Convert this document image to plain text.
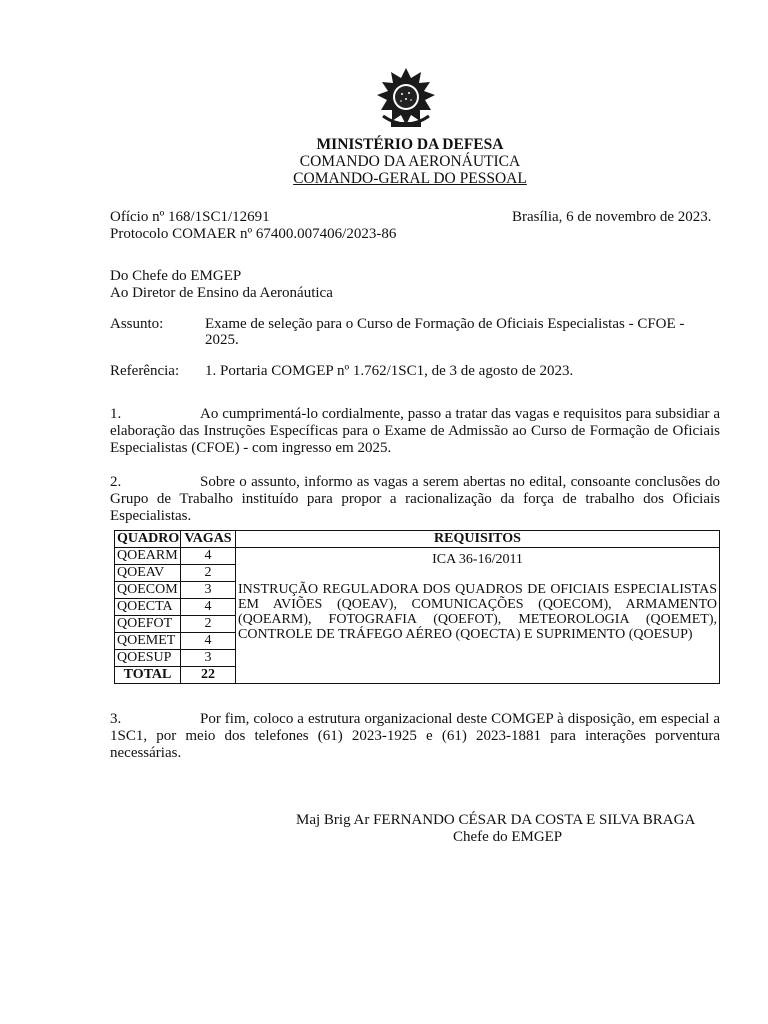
MINISTÉRIO DA DEFESA
COMANDO DA AERONÁUTICA
COMANDO-GERAL DO PESSOAL
Ofício nº 168/1SC1/12691
Protocolo COMAER nº 67400.007406/2023-86
Brasília, 6 de novembro de 2023.
Do Chefe do EMGEP
Ao Diretor de Ensino da Aeronáutica
Assunto:	Exame de seleção para o Curso de Formação de Oficiais Especialistas - CFOE -
2025.
Referência: 1. Portaria COMGEP nº 1.762/1SC1, de 3 de agosto de 2023.
1.	Ao cumprimentá-lo cordialmente, passo a tratar das vagas e requisitos para subsidiar a elaboração das Instruções Específicas para o Exame de Admissão ao Curso de Formação de Oficiais Especialistas (CFOE) - com ingresso em 2025.
2.	Sobre o assunto, informo as vagas a serem abertas no edital, consoante conclusões do Grupo de Trabalho instituído para propor a racionalização da força de trabalho dos Oficiais Especialistas.
QUADRO	VAGAS	REQUISITOS
QOEARM	4	ICA 36-16/2011
INSTRUÇÃO REGULADORA DOS QUADROS DE OFICIAIS ESPECIALISTAS EM AVIÕES (QOEAV), COMUNICAÇÕES (QOECOM), ARMAMENTO (QOEARM), FOTOGRAFIA (QOEFOT), METEOROLOGIA (QOEMET), CONTROLE DE TRÁFEGO AÉREO (QOECTA) E SUPRIMENTO (QOESUP)

QOEAV	2	
QOECOM	3	
QOECTA	4	
QOEFOT	2	
QOEMET	4	
QOESUP	3	
TOTAL	22	
3.	Por fim, coloco a estrutura organizacional deste COMGEP à disposição, em especial a 1SC1, por meio dos telefones (61) 2023-1925 e (61) 2023-1881 para interações porventura necessárias.
Maj Brig Ar FERNANDO CÉSAR DA COSTA E SILVA BRAGA
Chefe do EMGEP
